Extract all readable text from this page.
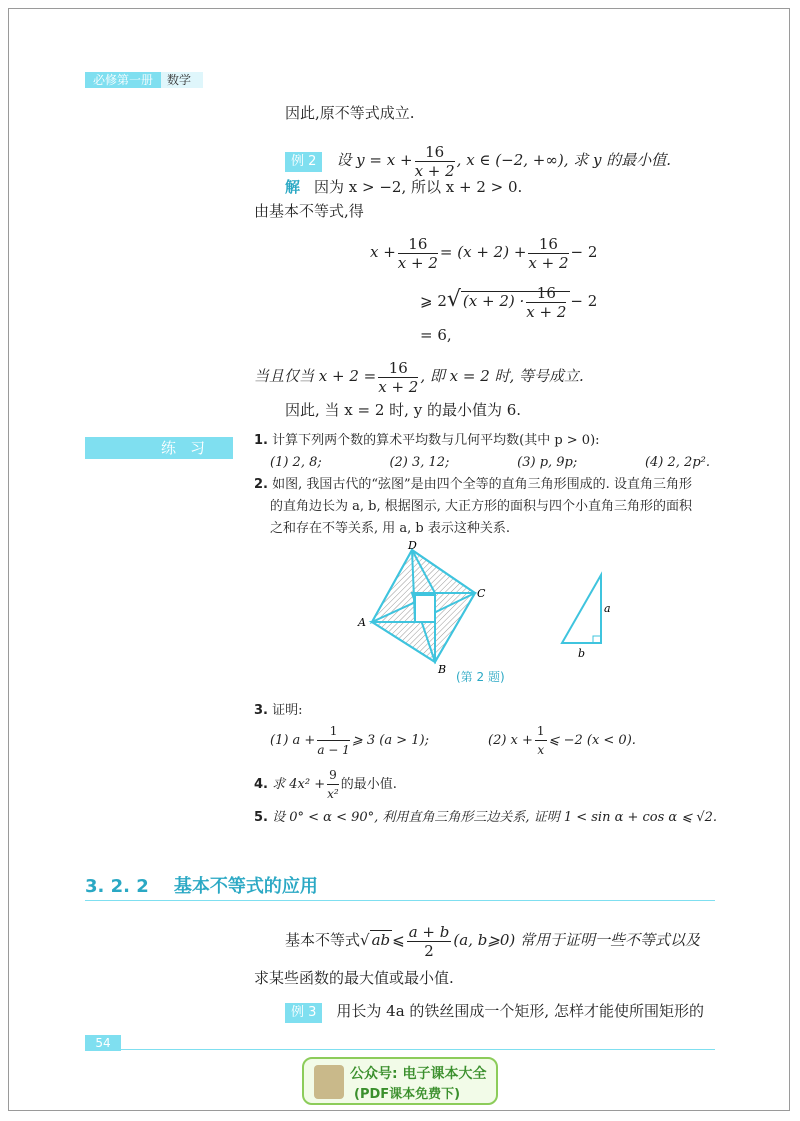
必修第一册	数学
因此,原不等式成立.
例 2 设 $y = x + \frac{16}{x + 2}$ , x ∈ (−2, +∞), 求 y 的最小值.
解 因为 x > −2, 所以 x + 2 > 0.
由基本不等式,得
$x + \frac{16}{x + 2} = (x + 2) + \frac{16}{x + 2} - 2$
⩾ 2√ $(x + 2) \cdot \frac{16}{x + 2} - 2$
= 6,
当且仅当 $x + 2 = \frac{16}{x + 2}$ , 即 x = 2 时, 等号成立.
因此, 当 x = 2 时, y 的最小值为 6.
练习	1. 计算下列两个数的算术平均数与几何平均数(其中 p > 0):
(1) 2, 8;	(2) 3, 12;	(3) p, 9p;	(4) 2, 2p².
2. 如图, 我国古代的“弦图”是由四个全等的直角三角形围成的. 设直角三角形
的直角边长为 a, b, 根据图示, 大正方形的面积与四个小直角三角形的面积
之和存在不等关系, 用 a, b 表示这种关系.
D
C
A
B
a
b
(第 2 题)
3. 证明:
(1) $a + \frac{1}{a - 1}$ ⩾ 3 (a > 1);	(2) $x + \frac{1}{x}$ ⩽ −2 (x < 0).
4. 求 $4x^2 + \frac{9}{\text{x²}}$ 的最小值.
5. 设 0° < α < 90°, 利用直角三角形三边关系, 证明 1 < sin α + cos α ⩽ √2.
3. 2. 2 基本不等式的应用
基本不等式√ ab ⩽ $\frac{a + b}{2} (a$, b⩾0) 常用于证明一些不等式以及
求某些函数的最大值或最小值.
例 3 用长为 4a 的铁丝围成一个矩形, 怎样才能使所围矩形的
54
公众号: 电子课本大全
(PDF课本免费下)
